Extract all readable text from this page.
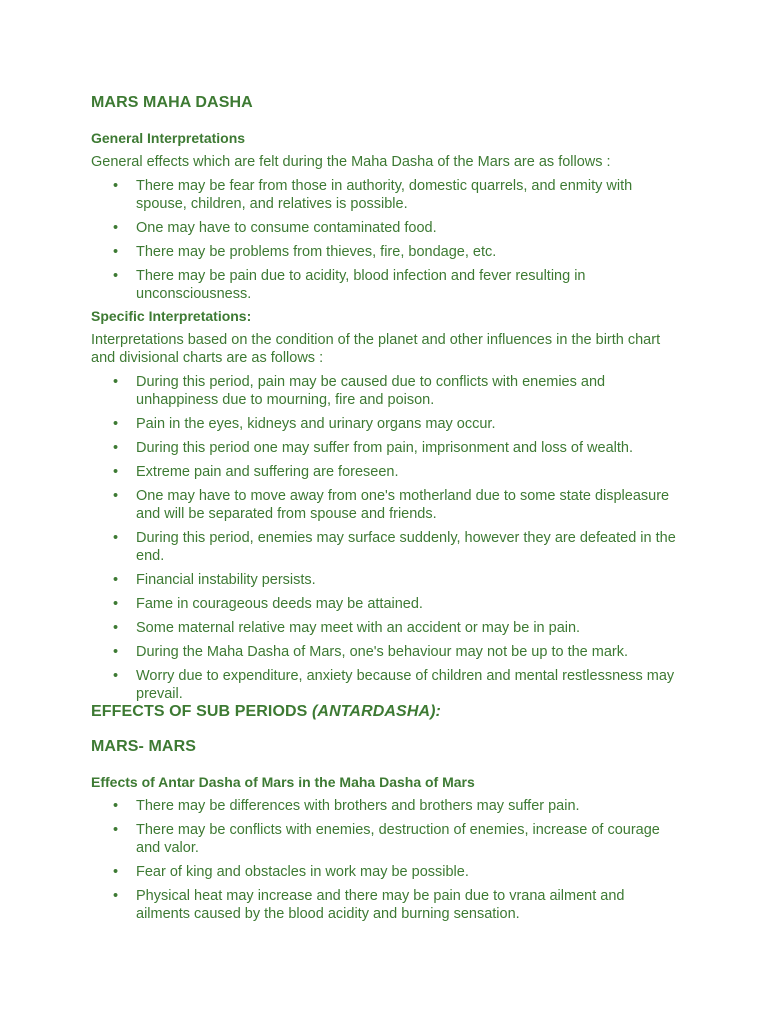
MARS MAHA DASHA
General Interpretations
General effects which are felt during the Maha Dasha of the Mars are as follows :
• There may be fear from those in authority, domestic quarrels, and enmity with spouse, children, and relatives is possible.
• One may have to consume contaminated food.
• There may be problems from thieves, fire, bondage, etc.
• There may be pain due to acidity, blood infection and fever resulting in unconsciousness.
Specific Interpretations:
Interpretations based on the condition of the planet and other influences in the birth chart and divisional charts are as follows :
• During this period, pain may be caused due to conflicts with enemies and unhappiness due to mourning, fire and poison.
• Pain in the eyes, kidneys and urinary organs may occur.
• During this period one may suffer from pain, imprisonment and loss of wealth.
• Extreme pain and suffering are foreseen.
• One may have to move away from one's motherland due to some state displeasure and will be separated from spouse and friends.
• During this period, enemies may surface suddenly, however they are defeated in the end.
• Financial instability persists.
• Fame in courageous deeds may be attained.
• Some maternal relative may meet with an accident or may be in pain.
• During the Maha Dasha of Mars, one's behaviour may not be up to the mark.
• Worry due to expenditure, anxiety because of children and mental restlessness may prevail.
EFFECTS OF SUB PERIODS (ANTARDASHA):
MARS- MARS
Effects of Antar Dasha of Mars in the Maha Dasha of Mars
• There may be differences with brothers and brothers may suffer pain.
• There may be conflicts with enemies, destruction of enemies, increase of courage and valor.
• Fear of king and obstacles in work may be possible.
• Physical heat may increase and there may be pain due to vrana ailment and ailments caused by the blood acidity and burning sensation.
